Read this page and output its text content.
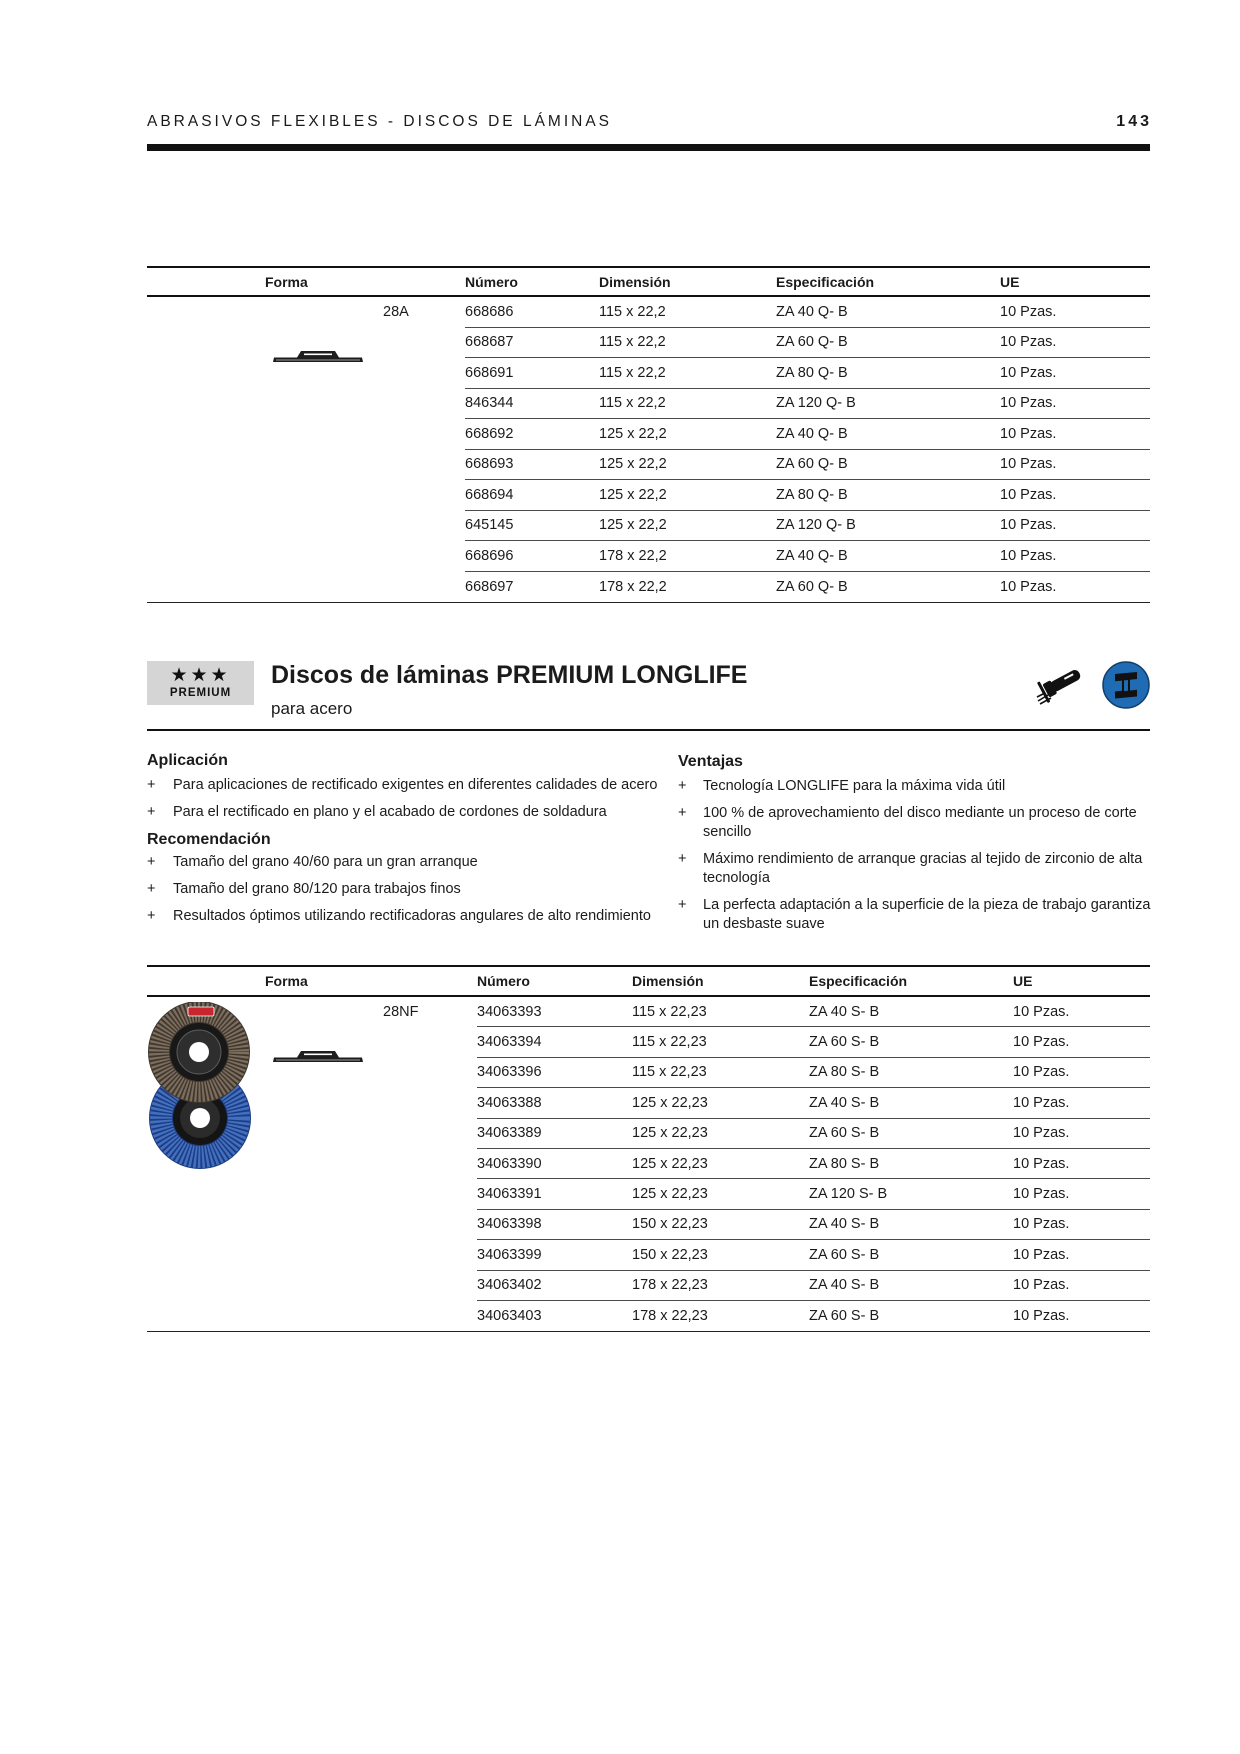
ABRASIVOS FLEXIBLES - DISCOS DE LÁMINAS	143
Forma	Número	Dimensión	Especificación	UE
28A	668686	115 x 22,2	ZA 40 Q- B	10 Pzas.
668687	115 x 22,2	ZA 60 Q- B	10 Pzas.
668691	115 x 22,2	ZA 80 Q- B	10 Pzas.
846344	115 x 22,2	ZA 120 Q- B	10 Pzas.
668692	125 x 22,2	ZA 40 Q- B	10 Pzas.
668693	125 x 22,2	ZA 60 Q- B	10 Pzas.
668694	125 x 22,2	ZA 80 Q- B	10 Pzas.
645145	125 x 22,2	ZA 120 Q- B	10 Pzas.
668696	178 x 22,2	ZA 40 Q- B	10 Pzas.
668697	178 x 22,2	ZA 60 Q- B	10 Pzas.
★★★
PREMIUM
Discos de láminas PREMIUM LONGLIFE
para acero
Aplicación
+ Para aplicaciones de rectificado exigentes en diferentes calidades de acero
+ Para el rectificado en plano y el acabado de cordones de soldadura
Recomendación
+ Tamaño del grano 40/60 para un gran arranque
+ Tamaño del grano 80/120 para trabajos finos
+ Resultados óptimos utilizando rectificadoras angulares de alto rendimiento
Ventajas
+ Tecnología LONGLIFE para la máxima vida útil
+ 100 % de aprovechamiento del disco mediante un proceso de corte sencillo
+ Máximo rendimiento de arranque gracias al tejido de zirconio de alta tecnología
+ La perfecta adaptación a la superficie de la pieza de trabajo garantiza un desbaste suave
Forma	Número	Dimensión	Especificación	UE
28NF	34063393	115 x 22,23	ZA 40 S- B	10 Pzas.
34063394	115 x 22,23	ZA 60 S- B	10 Pzas.
34063396	115 x 22,23	ZA 80 S- B	10 Pzas.
34063388	125 x 22,23	ZA 40 S- B	10 Pzas.
34063389	125 x 22,23	ZA 60 S- B	10 Pzas.
34063390	125 x 22,23	ZA 80 S- B	10 Pzas.
34063391	125 x 22,23	ZA 120 S- B	10 Pzas.
34063398	150 x 22,23	ZA 40 S- B	10 Pzas.
34063399	150 x 22,23	ZA 60 S- B	10 Pzas.
34063402	178 x 22,23	ZA 40 S- B	10 Pzas.
34063403	178 x 22,23	ZA 60 S- B	10 Pzas.
